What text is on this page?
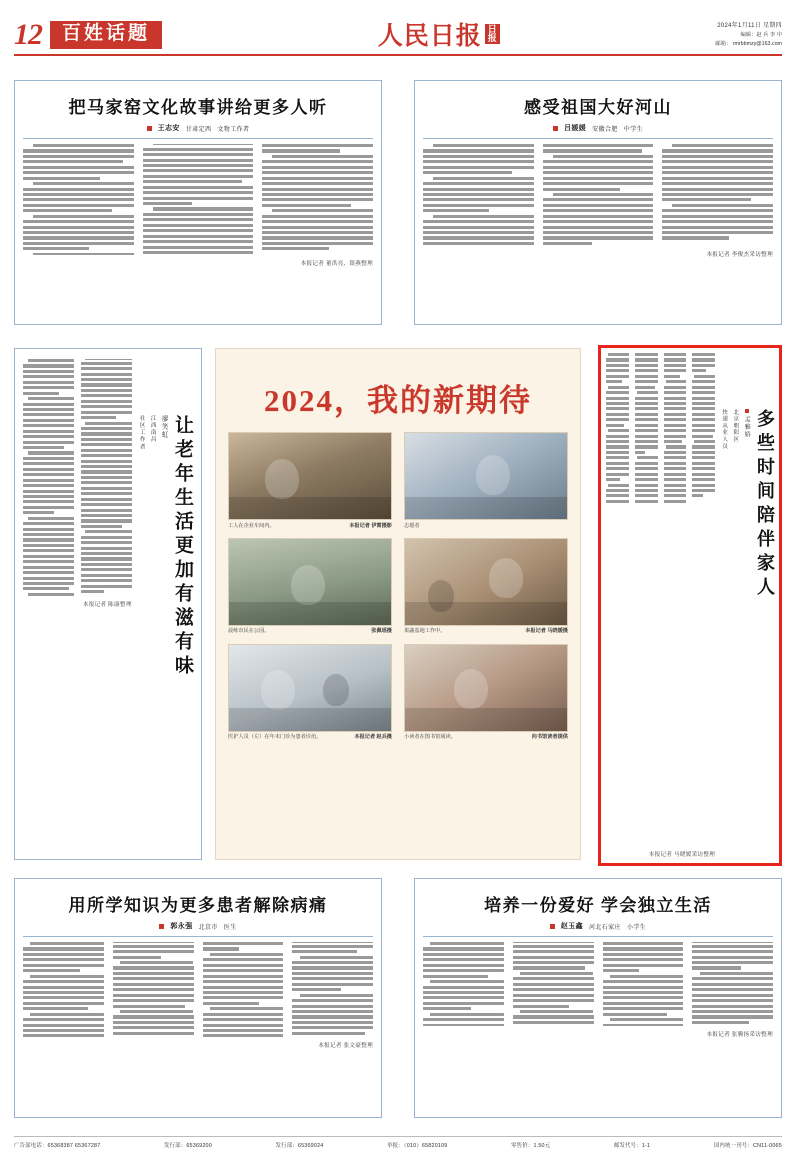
12	百姓话题	人民日报 日报
2024年1月11日 星期四
编辑：赵 兵 李 中
邮箱： rmrbbmzy@163.com
把马家窑文化故事讲给更多人听
王志安 甘肃定西 文物工作者
本报记者 董洪亮、银燕整理
感受祖国大好河山
吕媛媛 安徽合肥 中学生
本报记者 李俊杰采访整理
让老年生活更加有滋有味
廖笑虹
江西南昌
社区工作者
本报记者 陈康整理
2024，我的新期待
工人在企业车间内。	本报记者 伊霄摄影 志愿者
晨练市民在公园。	张佩瑶摄 果蔬基地工作中。	本报记者 马晓媛摄
医护人员（左）在年末门诊为患者诊治。	本报记者 赵兵摄 小读者在图书馆阅读。	向书馆读者提供
多些时间陪伴家人
孟雅娇
北京朝阳区
快递从业人员
本报记者 马晓媛采访整理
用所学知识为更多患者解除病痛
郭永强 北京市 医生
本报记者 张文豪整理
培养一份爱好 学会独立生活
赵玉鑫 河北石家庄 小学生
本报记者 张腾扬采访整理
广告部电话：65368387 65367287	发行部：65369200	发行部：65369024	举报：（010）65820109	零售价：1.50元	邮发代号：1-1	国内统一刊号：CN11-0065
